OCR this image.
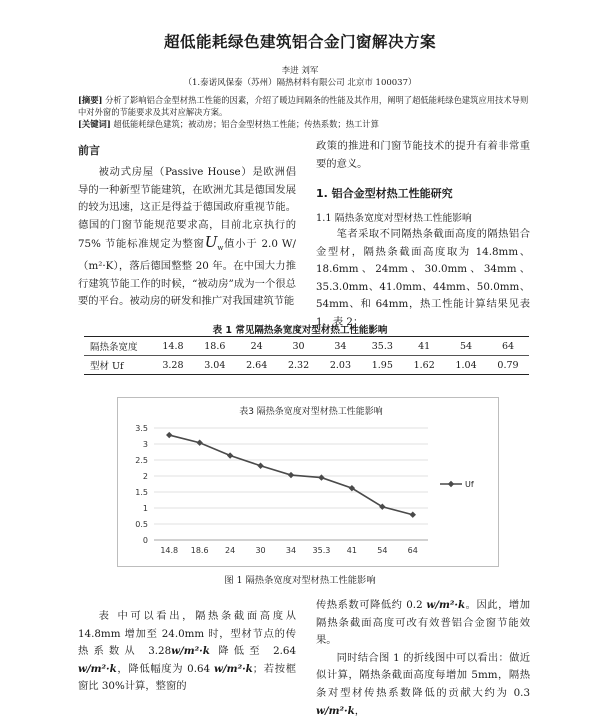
超低能耗绿色建筑铝合金门窗解决方案
李进 刘军
（1.泰诺风保泰（苏州）隔热材料有限公司 北京市 100037）
[摘要] 分析了影响铝合金型材热工性能的因素，介绍了暖边间隔条的性能及其作用，阐明了超低能耗绿色建筑应用技术导则中对外窗的节能要求及其对应解决方案。
[关键词] 超低能耗绿色建筑；被动房；铝合金型材热工性能；传热系数；热工计算
前言

被动式房屋（Passive House）是欧洲倡导的一种新型节能建筑，在欧洲尤其是德国发展的较为迅速，这正是得益于德国政府重视节能。德国的门窗节能规范要求高，目前北京执行的 75% 节能标准规定为整窗$U_w$值小于 2.0 W/（m²·K），落后德国整整 20 年。在中国大力推行建筑节能工作的时候，“被动房”成为一个很总要的平台。被动房的研发和推广对我国建筑节能

政策的推进和门窗节能技术的提升有着非常重要的意义。

1. 铝合金型材热工性能研究
1.1 隔热条宽度对型材热工性能影响

笔者采取不同隔热条截面高度的隔热铝合金型材，隔热条截面高度取为 14.8mm、18.6mm、24mm、30.0mm、34mm、35.3.0mm、41.0mm、44mm、50.0mm、54mm、和 64mm，热工性能计算结果见表 1、表 2：

表 1 常见隔热条宽度对型材热工性能影响
隔热条宽度	14.8	18.6	24	30	34	35.3	41	54	64
型材 Uf	3.28	3.04	2.64	2.32	2.03	1.95	1.62	1.04	0.79
表3 隔热条宽度对型材热工性能影响
0
0.5
1
1.5
2
2.5
3
3.5
14.8 18.6 24	30	34 35.3 41	54	64
Uf
图 1 隔热条宽度对型材热工性能影响

表 中可以看出，隔热条截面高度从 14.8mm 增加至 24.0mm 时，型材节点的传热系数从 3.28w/m²·k 降低至 2.64 w/m²·k，降低幅度为 0.64 w/m²·k；若按框窗比 30%计算，整窗的

传热系数可降低约 0.2 w/m²·k。因此，增加隔热条截面高度可改有效普铝合金窗节能效果。

同时结合图 1 的折线图中可以看出：做近似计算，隔热条截面高度每增加 5mm，隔热条对型材传热系数降低的贡献大约为 0.3 w/m²·k，
